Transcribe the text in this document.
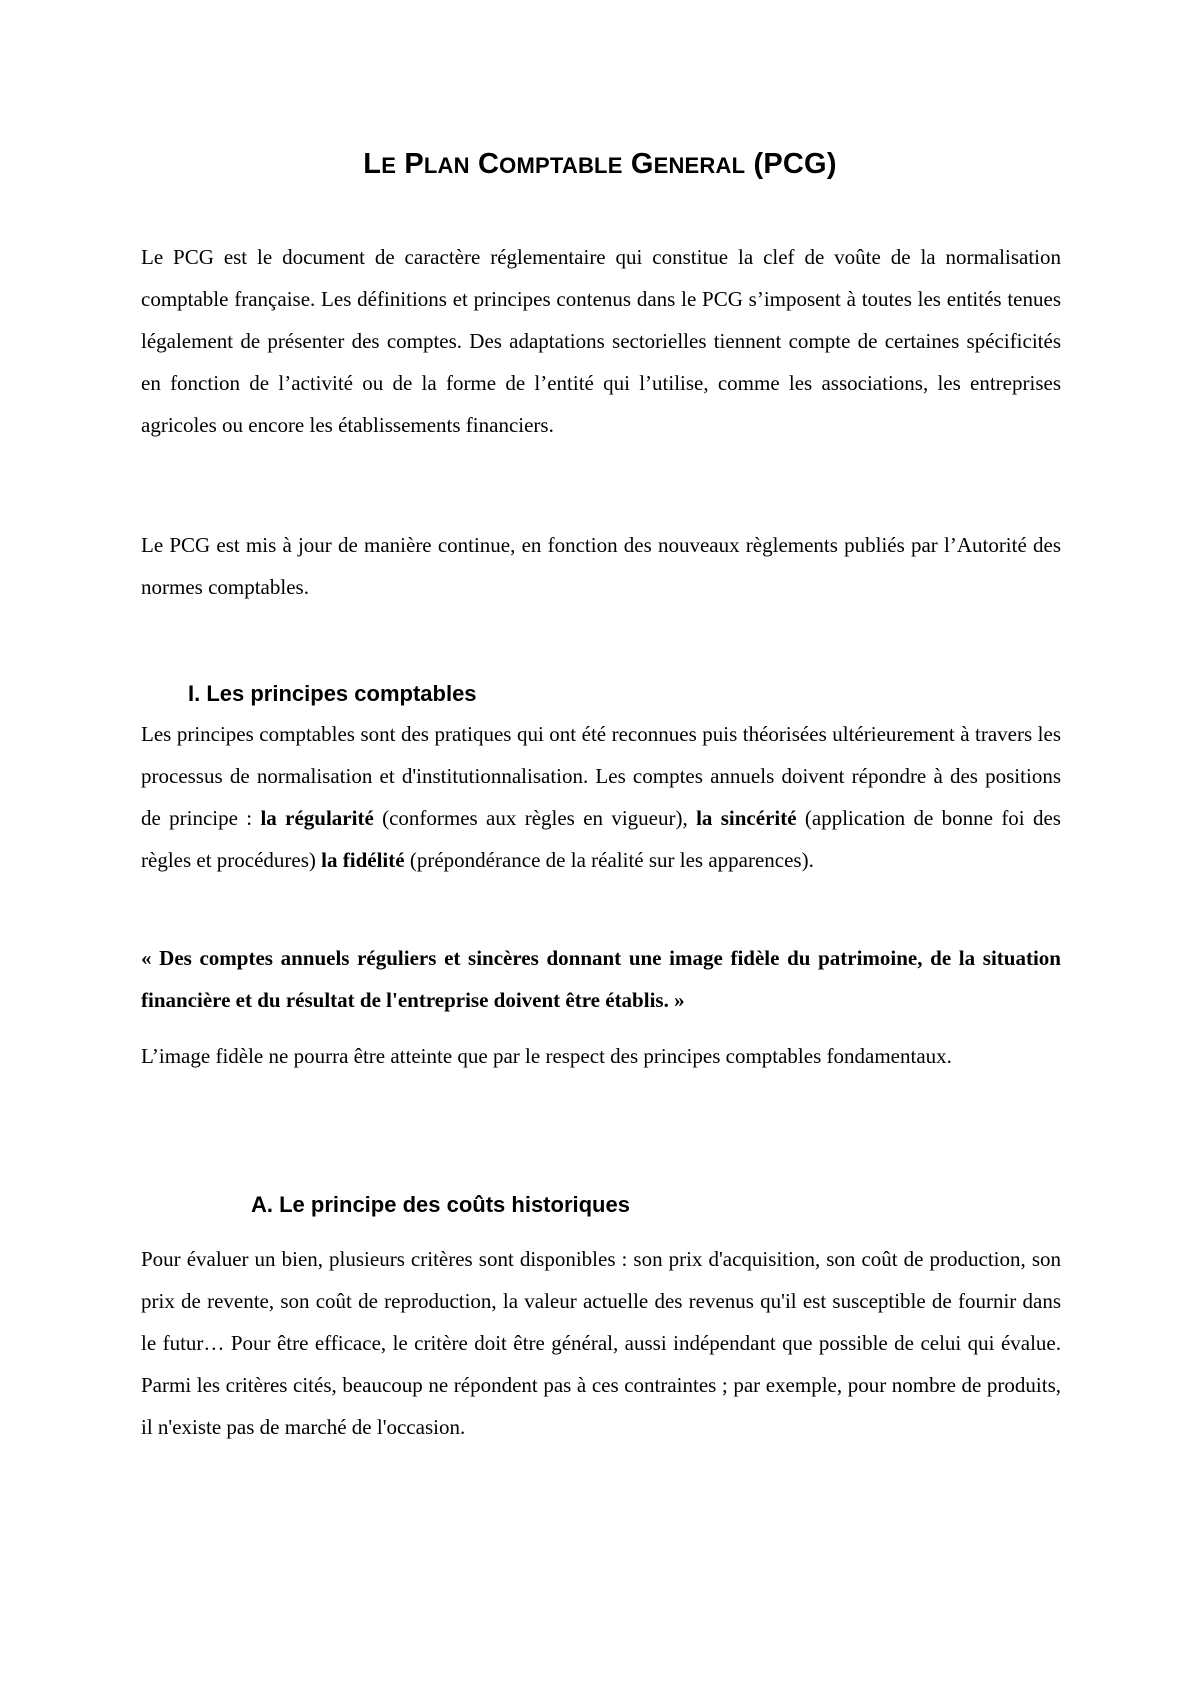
LE PLAN COMPTABLE GENERAL (PCG)

Le PCG est le document de caractère réglementaire qui constitue la clef de voûte de la normalisation comptable française. Les définitions et principes contenus dans le PCG s’imposent à toutes les entités tenues légalement de présenter des comptes. Des adaptations sectorielles tiennent compte de certaines spécificités en fonction de l’activité ou de la forme de l’entité qui l’utilise, comme les associations, les entreprises agricoles ou encore les établissements financiers.

Le PCG est mis à jour de manière continue, en fonction des nouveaux règlements publiés par l’Autorité des normes comptables.

I. Les principes comptables

Les principes comptables sont des pratiques qui ont été reconnues puis théorisées ultérieurement à travers les processus de normalisation et d'institutionnalisation. Les comptes annuels doivent répondre à des positions de principe : la régularité (conformes aux règles en vigueur), la sincérité (application de bonne foi des règles et procédures) la fidélité (prépondérance de la réalité sur les apparences).

« Des comptes annuels réguliers et sincères donnant une image fidèle du patrimoine, de la situation financière et du résultat de l'entreprise doivent être établis. »

L’image fidèle ne pourra être atteinte que par le respect des principes comptables fondamentaux.

A. Le principe des coûts historiques

Pour évaluer un bien, plusieurs critères sont disponibles : son prix d'acquisition, son coût de production, son prix de revente, son coût de reproduction, la valeur actuelle des revenus qu'il est susceptible de fournir dans le futur… Pour être efficace, le critère doit être général, aussi indépendant que possible de celui qui évalue. Parmi les critères cités, beaucoup ne répondent pas à ces contraintes ; par exemple, pour nombre de produits, il n'existe pas de marché de l'occasion.
